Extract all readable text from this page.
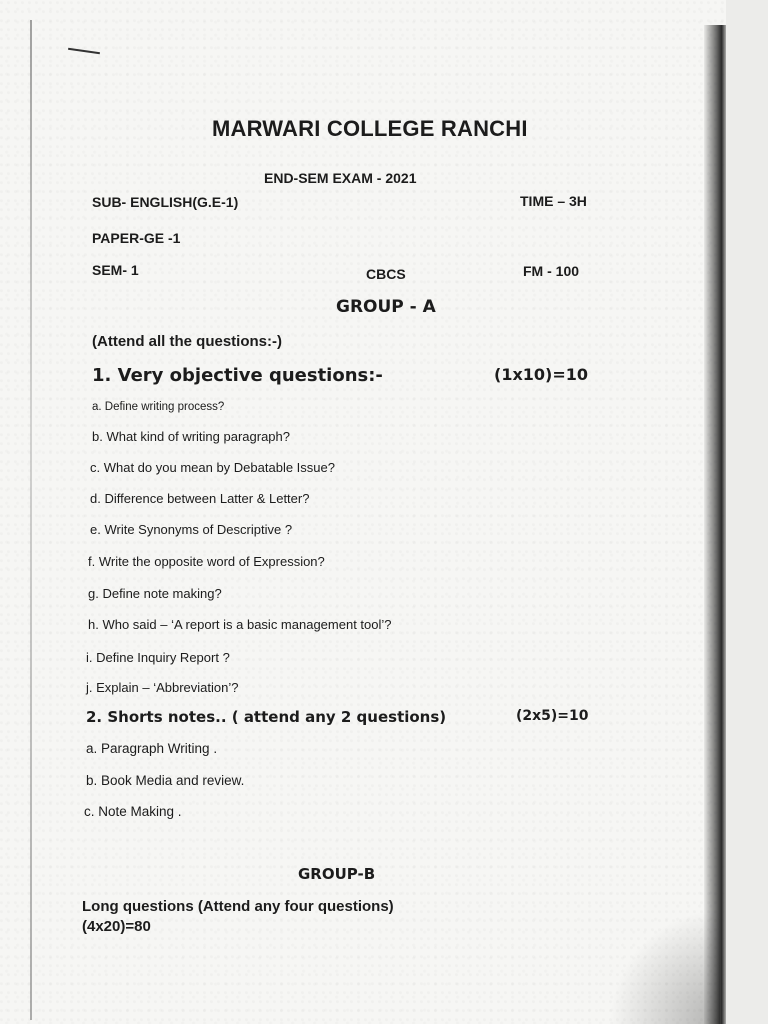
MARWARI COLLEGE RANCHI
END-SEM EXAM - 2021
SUB- ENGLISH(G.E-1)	TIME – 3H
PAPER-GE -1
SEM- 1	CBCS	FM - 100
GROUP - A
(Attend all the questions:-)
1. Very objective questions:-	(1x10)=10
a. Define writing process?
b. What kind of writing paragraph?
c. What do you mean by Debatable Issue?
d. Difference between Latter & Letter?
e. Write Synonyms of Descriptive ?
f. Write the opposite word of Expression?
g. Define note making?
h. Who said – ‘A report is a basic management tool’?
i. Define Inquiry Report ?
j. Explain – ‘Abbreviation’?
2. Shorts notes.. ( attend any 2 questions)	(2x5)=10
a. Paragraph Writing .
b. Book Media and review.
c. Note Making .
GROUP-B
Long questions (Attend any four questions)
(4x20)=80
